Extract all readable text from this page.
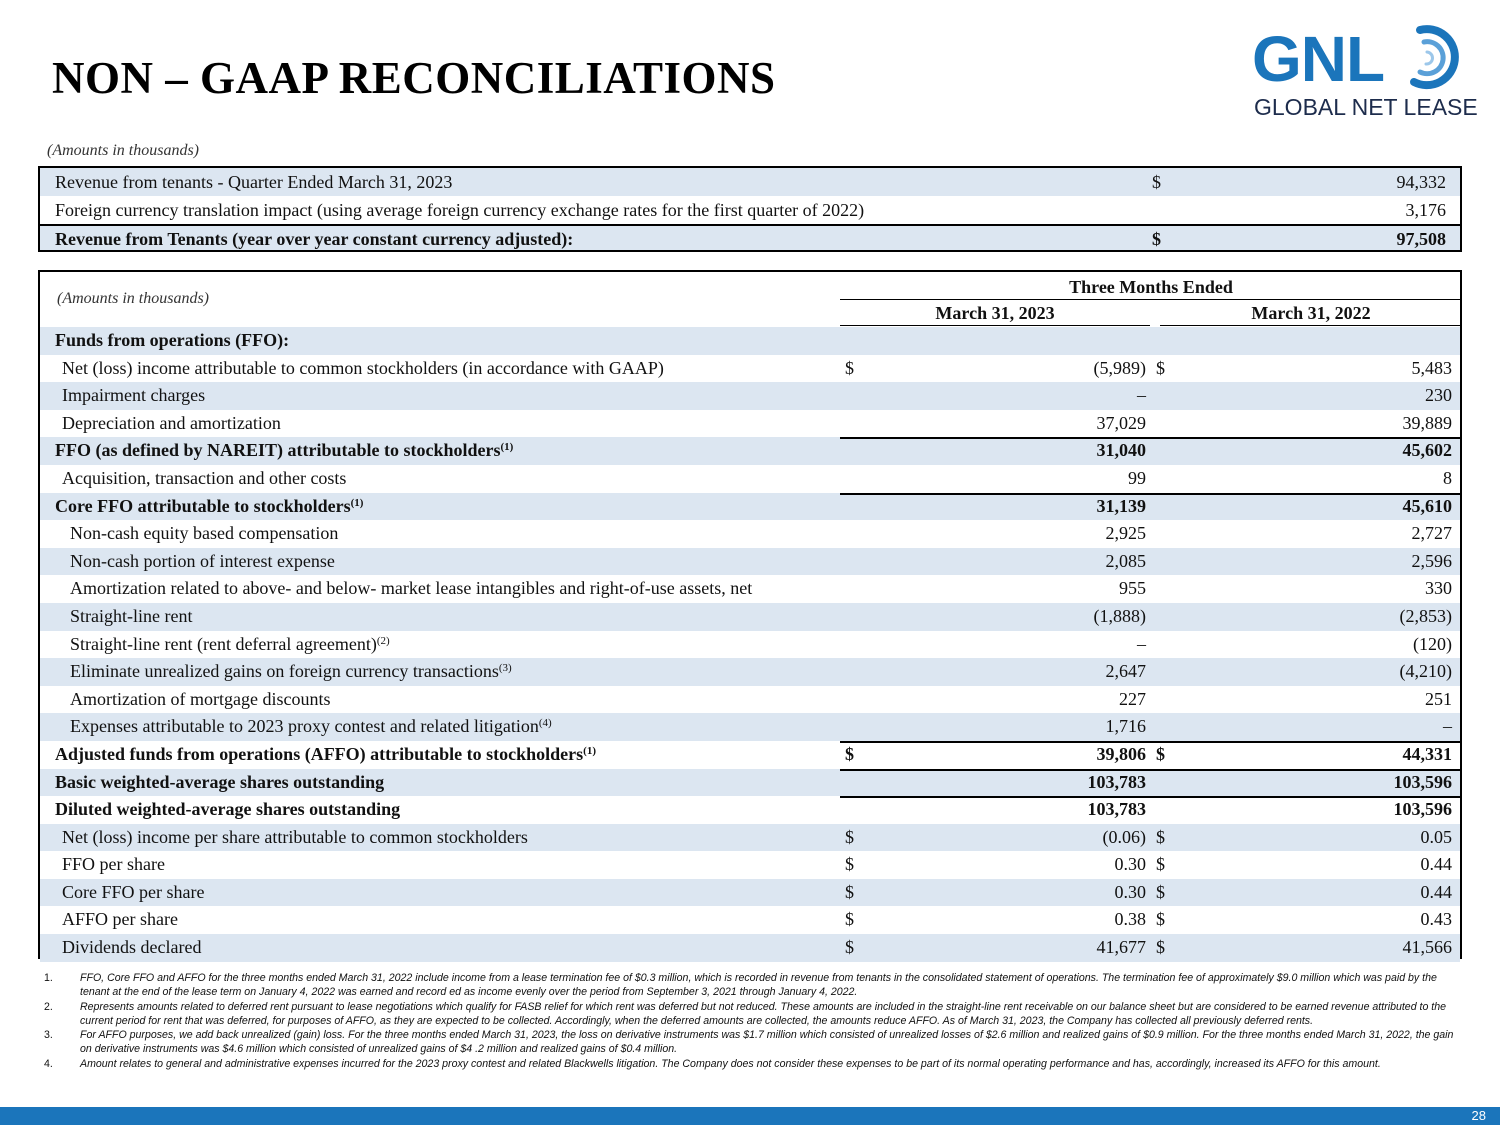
NON – GAAP RECONCILIATIONS	GNL
GLOBAL NET LEASE
(Amounts in thousands)
Revenue from tenants - Quarter Ended March 31, 2023	$	94,332
Foreign currency translation impact (using average foreign currency exchange rates for the first quarter of 2022)	3,176
Revenue from Tenants (year over year constant currency adjusted):	$	97,508
(Amounts in thousands)
Three Months Ended
March 31, 2023	March 31, 2022
Funds from operations (FFO):
Net (loss) income attributable to common stockholders (in accordance with GAAP)	$	(5,989) $	5,483
Impairment charges	–	230
Depreciation and amortization	37,029	39,889
FFO (as defined by NAREIT) attributable to stockholders$^{(1)}$	31,040	45,602
Acquisition, transaction and other costs	99	8
Core FFO attributable to stockholders$^{(1)}$	31,139	45,610
Non-cash equity based compensation	2,925	2,727
Non-cash portion of interest expense	2,085	2,596
Amortization related to above- and below- market lease intangibles and right-of-use assets, net	955	330
Straight-line rent	(1,888)	(2,853)
Straight-line rent (rent deferral agreement)$^{(2)}$	–	(120)
Eliminate unrealized gains on foreign currency transactions$^{(3)}$	2,647	(4,210)
Amortization of mortgage discounts	227	251
Expenses attributable to 2023 proxy contest and related litigation$^{(4)}$	1,716	–
Adjusted funds from operations (AFFO) attributable to stockholders$^{(1)}$	$	39,806 $	44,331
Basic weighted-average shares outstanding	103,783	103,596
Diluted weighted-average shares outstanding	103,783	103,596
Net (loss) income per share attributable to common stockholders	$	(0.06) $	0.05
FFO per share	$	0.30 $	0.44
Core FFO per share	$	0.30 $	0.44
AFFO per share	$	0.38 $	0.43
Dividends declared	$	41,677 $	41,566
1.	FFO, Core FFO and AFFO for the three months ended March 31, 2022 include income from a lease termination fee of $0.3 million, which is recorded in revenue from tenants in the consolidated statement of operations. The termination fee of approximately $9.0 million which was paid by the tenant at the end of the lease term on January 4, 2022 was earned and record ed as income evenly over the period from September 3, 2021 through January 4, 2022.
2.	Represents amounts related to deferred rent pursuant to lease negotiations which qualify for FASB relief for which rent was deferred but not reduced. These amounts are included in the straight-line rent receivable on our balance sheet but are considered to be earned revenue attributed to the current period for rent that was deferred, for purposes of AFFO, as they are expected to be collected. Accordingly, when the deferred amounts are collected, the amounts reduce AFFO. As of March 31, 2023, the Company has collected all previously deferred rents.
3.	For AFFO purposes, we add back unrealized (gain) loss. For the three months ended March 31, 2023, the loss on derivative instruments was $1.7 million which consisted of unrealized losses of $2.6 million and realized gains of $0.9 million. For the three months ended March 31, 2022, the gain on derivative instruments was $4.6 million which consisted of unrealized gains of $4 .2 million and realized gains of $0.4 million.
4.	Amount relates to general and administrative expenses incurred for the 2023 proxy contest and related Blackwells litigation. The Company does not consider these expenses to be part of its normal operating performance and has, accordingly, increased its AFFO for this amount.
28
